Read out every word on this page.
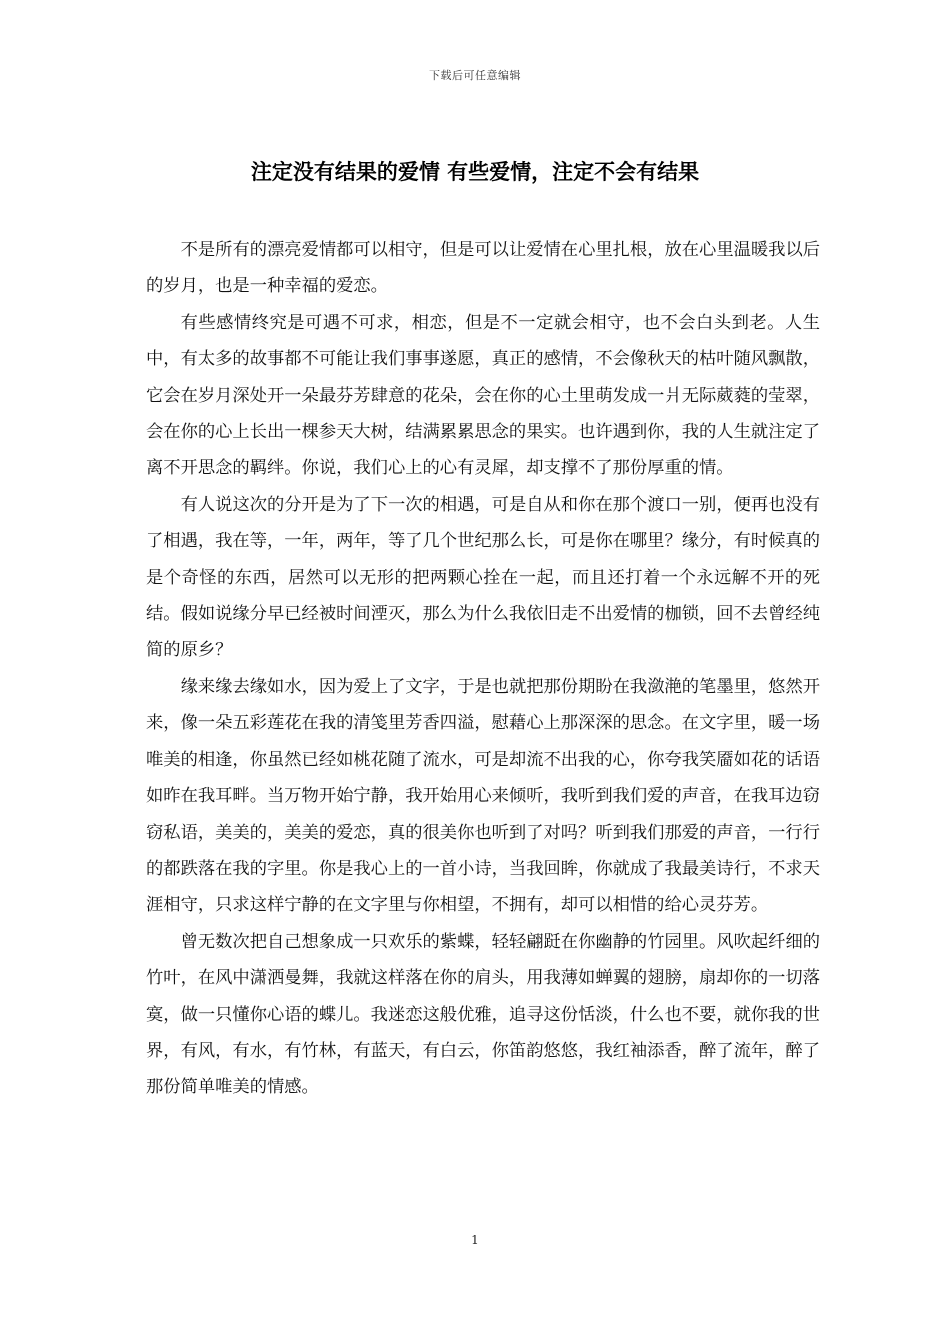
下载后可任意编辑
注定没有结果的爱情 有些爱情，注定不会有结果

不是所有的漂亮爱情都可以相守，但是可以让爱情在心里扎根，放在心里温暖我以后的岁月，也是一种幸福的爱恋。

有些感情终究是可遇不可求，相恋，但是不一定就会相守，也不会白头到老。人生中，有太多的故事都不可能让我们事事遂愿，真正的感情，不会像秋天的枯叶随风飘散，它会在岁月深处开一朵最芬芳肆意的花朵，会在你的心土里萌发成一爿无际葳蕤的莹翠，会在你的心上长出一棵参天大树，结满累累思念的果实。也许遇到你，我的人生就注定了离不开思念的羁绊。你说，我们心上的心有灵犀，却支撑不了那份厚重的情。

有人说这次的分开是为了下一次的相遇，可是自从和你在那个渡口一别，便再也没有了相遇，我在等，一年，两年，等了几个世纪那么长，可是你在哪里？缘分，有时候真的是个奇怪的东西，居然可以无形的把两颗心拴在一起，而且还打着一个永远解不开的死结。假如说缘分早已经被时间湮灭，那么为什么我依旧走不出爱情的枷锁，回不去曾经纯简的原乡？

缘来缘去缘如水，因为爱上了文字，于是也就把那份期盼在我潋滟的笔墨里，悠然开来，像一朵五彩莲花在我的清笺里芳香四溢，慰藉心上那深深的思念。在文字里，暖一场唯美的相逢，你虽然已经如桃花随了流水，可是却流不出我的心，你夸我笑靥如花的话语如昨在我耳畔。当万物开始宁静，我开始用心来倾听，我听到我们爱的声音，在我耳边窃窃私语，美美的，美美的爱恋，真的很美你也听到了对吗？听到我们那爱的声音，一行行的都跌落在我的字里。你是我心上的一首小诗，当我回眸，你就成了我最美诗行，不求天涯相守，只求这样宁静的在文字里与你相望，不拥有，却可以相惜的给心灵芬芳。

曾无数次把自己想象成一只欢乐的紫蝶，轻轻翩跹在你幽静的竹园里。风吹起纤细的竹叶，在风中潇洒曼舞，我就这样落在你的肩头，用我薄如蝉翼的翅膀，扇却你的一切落寞，做一只懂你心语的蝶儿。我迷恋这般优雅，追寻这份恬淡，什么也不要，就你我的世界，有风，有水，有竹林，有蓝天，有白云，你笛韵悠悠，我红袖添香，醉了流年，醉了那份简单唯美的情感。

1
